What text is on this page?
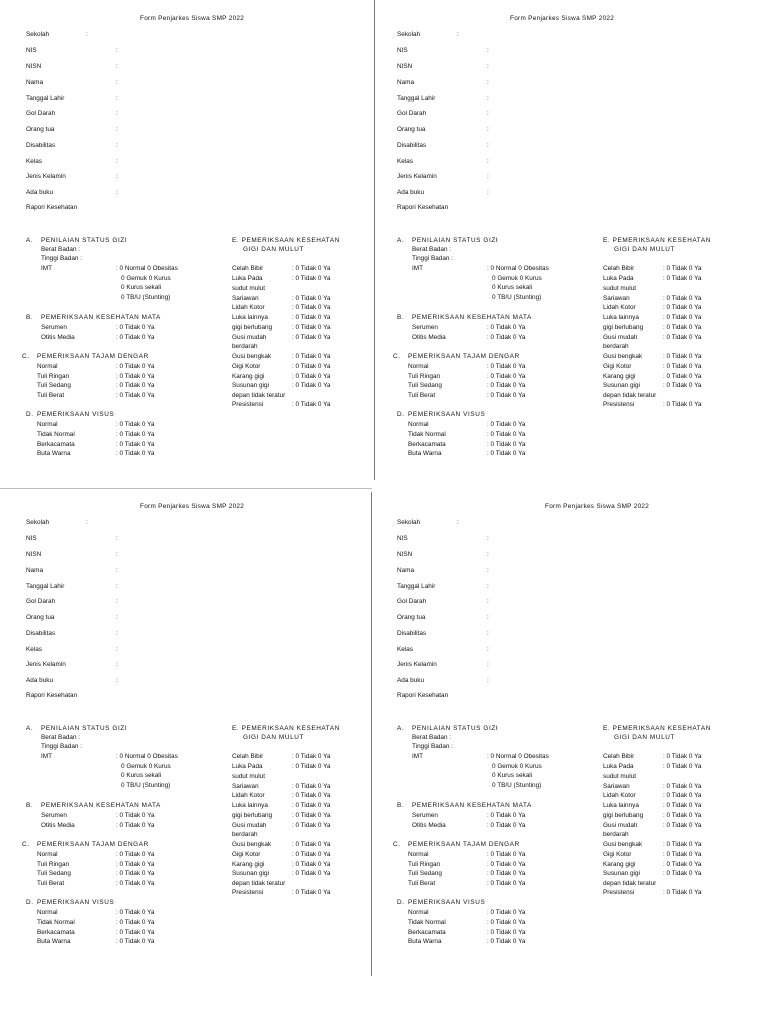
Form Penjarkes Siswa SMP 2022
Sekolah	:
NIS	:
NISN	:
Nama	:
Tanggal Lahir	:
Gol Darah	:
Orang tua	:
Disabilitas	:
Kelas	:
Jenis Kelamin	:
Ada buku	:
Rapori Kesehatan
A. PENILAIAN STATUS GIZI
Berat Badan :
Tinggi Badan :
IMT	: 0 Normal 0 Obesitas
0 Gemuk 0 Kurus
0 Kurus sekali
0 TB/U (Stunting)
B. PEMERIKSAAN KESEHATAN MATA
Serumen	: 0 Tidak 0 Ya
Otitis Media	: 0 Tidak 0 Ya
C. PEMERIKSAAN TAJAM DENGAR
Normal	: 0 Tidak 0 Ya
Tuli Ringan	: 0 Tidak 0 Ya
Tuli Sedang	: 0 Tidak 0 Ya
Tuli Berat	: 0 Tidak 0 Ya
D. PEMERIKSAAN VISUS
Normal	: 0 Tidak 0 Ya
Tidak Normal	: 0 Tidak 0 Ya
Berkacamata	: 0 Tidak 0 Ya
Buta Warna	: 0 Tidak 0 Ya
E. PEMERIKSAAN KESEHATAN
GIGI DAN MULUT
Celah Bibir	: 0 Tidak 0 Ya
Luka Pada	: 0 Tidak 0 Ya
sudut mulut
Sariawan	: 0 Tidak 0 Ya
Lidah Kotor	: 0 Tidak 0 Ya
Luka lainnya	: 0 Tidak 0 Ya
gigi berlubang	: 0 Tidak 0 Ya
Gusi mudah	: 0 Tidak 0 Ya
berdarah
Gusi bengkak	: 0 Tidak 0 Ya
Gigi Kotor	: 0 Tidak 0 Ya
Karang gigi	: 0 Tidak 0 Ya
Susunan gigi	: 0 Tidak 0 Ya
depan tidak teratur
Presistensi	: 0 Tidak 0 Ya
Form Penjarkes Siswa SMP 2022
Sekolah	:
NIS	:
NISN	:
Nama	:
Tanggal Lahir	:
Gol Darah	:
Orang tua	:
Disabilitas	:
Kelas	:
Jenis Kelamin	:
Ada buku	:
Rapori Kesehatan
A. PENILAIAN STATUS GIZI
Berat Badan :
Tinggi Badan :
IMT	: 0 Normal 0 Obesitas
0 Gemuk 0 Kurus
0 Kurus sekali
0 TB/U (Stunting)
B. PEMERIKSAAN KESEHATAN MATA
Serumen	: 0 Tidak 0 Ya
Otitis Media	: 0 Tidak 0 Ya
C. PEMERIKSAAN TAJAM DENGAR
Normal	: 0 Tidak 0 Ya
Tuli Ringan	: 0 Tidak 0 Ya
Tuli Sedang	: 0 Tidak 0 Ya
Tuli Berat	: 0 Tidak 0 Ya
D. PEMERIKSAAN VISUS
Normal	: 0 Tidak 0 Ya
Tidak Normal	: 0 Tidak 0 Ya
Berkacamata	: 0 Tidak 0 Ya
Buta Warna	: 0 Tidak 0 Ya
E. PEMERIKSAAN KESEHATAN
GIGI DAN MULUT
Celah Bibir	: 0 Tidak 0 Ya
Luka Pada	: 0 Tidak 0 Ya
sudut mulut
Sariawan	: 0 Tidak 0 Ya
Lidah Kotor	: 0 Tidak 0 Ya
Luka lainnya	: 0 Tidak 0 Ya
gigi berlubang	: 0 Tidak 0 Ya
Gusi mudah	: 0 Tidak 0 Ya
berdarah
Gusi bengkak	: 0 Tidak 0 Ya
Gigi Kotor	: 0 Tidak 0 Ya
Karang gigi	: 0 Tidak 0 Ya
Susunan gigi	: 0 Tidak 0 Ya
depan tidak teratur
Presistensi	: 0 Tidak 0 Ya
Form Penjarkes Siswa SMP 2022
Sekolah	:
NIS	:
NISN	:
Nama	:
Tanggal Lahir	:
Gol Darah	:
Orang tua	:
Disabilitas	:
Kelas	:
Jenis Kelamin	:
Ada buku	:
Rapori Kesehatan
A. PENILAIAN STATUS GIZI
Berat Badan :
Tinggi Badan :
IMT	: 0 Normal 0 Obesitas
0 Gemuk 0 Kurus
0 Kurus sekali
0 TB/U (Stunting)
B. PEMERIKSAAN KESEHATAN MATA
Serumen	: 0 Tidak 0 Ya
Otitis Media	: 0 Tidak 0 Ya
C. PEMERIKSAAN TAJAM DENGAR
Normal	: 0 Tidak 0 Ya
Tuli Ringan	: 0 Tidak 0 Ya
Tuli Sedang	: 0 Tidak 0 Ya
Tuli Berat	: 0 Tidak 0 Ya
D. PEMERIKSAAN VISUS
Normal	: 0 Tidak 0 Ya
Tidak Normal	: 0 Tidak 0 Ya
Berkacamata	: 0 Tidak 0 Ya
Buta Warna	: 0 Tidak 0 Ya
E. PEMERIKSAAN KESEHATAN
GIGI DAN MULUT
Celah Bibir	: 0 Tidak 0 Ya
Luka Pada	: 0 Tidak 0 Ya
sudut mulut
Sariawan	: 0 Tidak 0 Ya
Lidah Kotor	: 0 Tidak 0 Ya
Luka lainnya	: 0 Tidak 0 Ya
gigi berlubang	: 0 Tidak 0 Ya
Gusi mudah	: 0 Tidak 0 Ya
berdarah
Gusi bengkak	: 0 Tidak 0 Ya
Gigi Kotor	: 0 Tidak 0 Ya
Karang gigi	: 0 Tidak 0 Ya
Susunan gigi	: 0 Tidak 0 Ya
depan tidak teratur
Presistensi	: 0 Tidak 0 Ya
Form Penjarkes Siswa SMP 2022
Sekolah	:
NIS	:
NISN	:
Nama	:
Tanggal Lahir	:
Gol Darah	:
Orang tua	:
Disabilitas	:
Kelas	:
Jenis Kelamin	:
Ada buku	:
Rapori Kesehatan
A. PENILAIAN STATUS GIZI
Berat Badan :
Tinggi Badan :
IMT	: 0 Normal 0 Obesitas
0 Gemuk 0 Kurus
0 Kurus sekali
0 TB/U (Stunting)
B. PEMERIKSAAN KESEHATAN MATA
Serumen	: 0 Tidak 0 Ya
Otitis Media	: 0 Tidak 0 Ya
C. PEMERIKSAAN TAJAM DENGAR
Normal	: 0 Tidak 0 Ya
Tuli Ringan	: 0 Tidak 0 Ya
Tuli Sedang	: 0 Tidak 0 Ya
Tuli Berat	: 0 Tidak 0 Ya
D. PEMERIKSAAN VISUS
Normal	: 0 Tidak 0 Ya
Tidak Normal	: 0 Tidak 0 Ya
Berkacamata	: 0 Tidak 0 Ya
Buta Warna	: 0 Tidak 0 Ya
E. PEMERIKSAAN KESEHATAN
GIGI DAN MULUT
Celah Bibir	: 0 Tidak 0 Ya
Luka Pada	: 0 Tidak 0 Ya
sudut mulut
Sariawan	: 0 Tidak 0 Ya
Lidah Kotor	: 0 Tidak 0 Ya
Luka lainnya	: 0 Tidak 0 Ya
gigi berlubang	: 0 Tidak 0 Ya
Gusi mudah	: 0 Tidak 0 Ya
berdarah
Gusi bengkak	: 0 Tidak 0 Ya
Gigi Kotor	: 0 Tidak 0 Ya
Karang gigi	: 0 Tidak 0 Ya
Susunan gigi	: 0 Tidak 0 Ya
depan tidak teratur
Presistensi	: 0 Tidak 0 Ya
